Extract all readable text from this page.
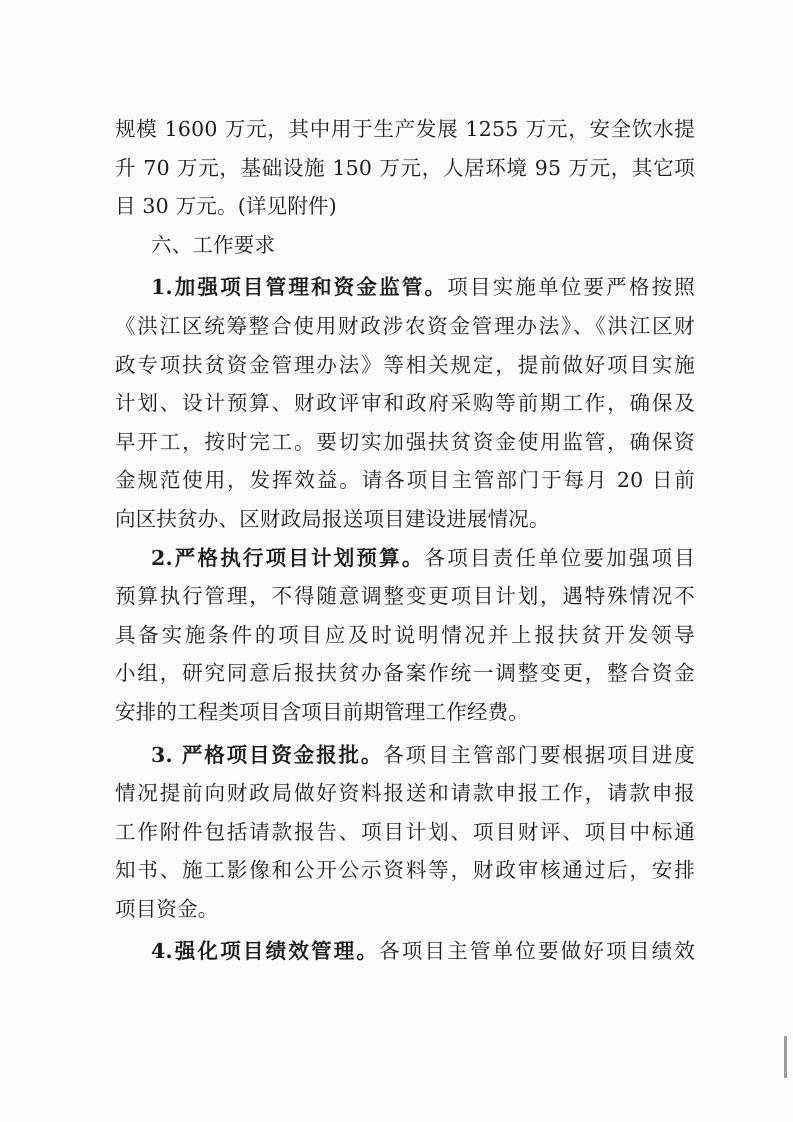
规模 1600 万元，其中用于生产发展 1255 万元，安全饮水提
升 70 万元，基础设施 150 万元，人居环境 95 万元，其它项
目 30 万元。(详见附件)
六、工作要求
1.加强项目管理和资金监管。项目实施单位要严格按照
《洪江区统筹整合使用财政涉农资金管理办法》、《洪江区财
政专项扶贫资金管理办法》等相关规定，提前做好项目实施
计划、设计预算、财政评审和政府采购等前期工作，确保及
早开工，按时完工。要切实加强扶贫资金使用监管，确保资
金规范使用，发挥效益。请各项目主管部门于每月 20 日前
向区扶贫办、区财政局报送项目建设进展情况。
2.严格执行项目计划预算。各项目责任单位要加强项目
预算执行管理，不得随意调整变更项目计划，遇特殊情况不
具备实施条件的项目应及时说明情况并上报扶贫开发领导
小组，研究同意后报扶贫办备案作统一调整变更，整合资金
安排的工程类项目含项目前期管理工作经费。
3. 严格项目资金报批。各项目主管部门要根据项目进度
情况提前向财政局做好资料报送和请款申报工作，请款申报
工作附件包括请款报告、项目计划、项目财评、项目中标通
知书、施工影像和公开公示资料等，财政审核通过后，安排
项目资金。
4.强化项目绩效管理。各项目主管单位要做好项目绩效
